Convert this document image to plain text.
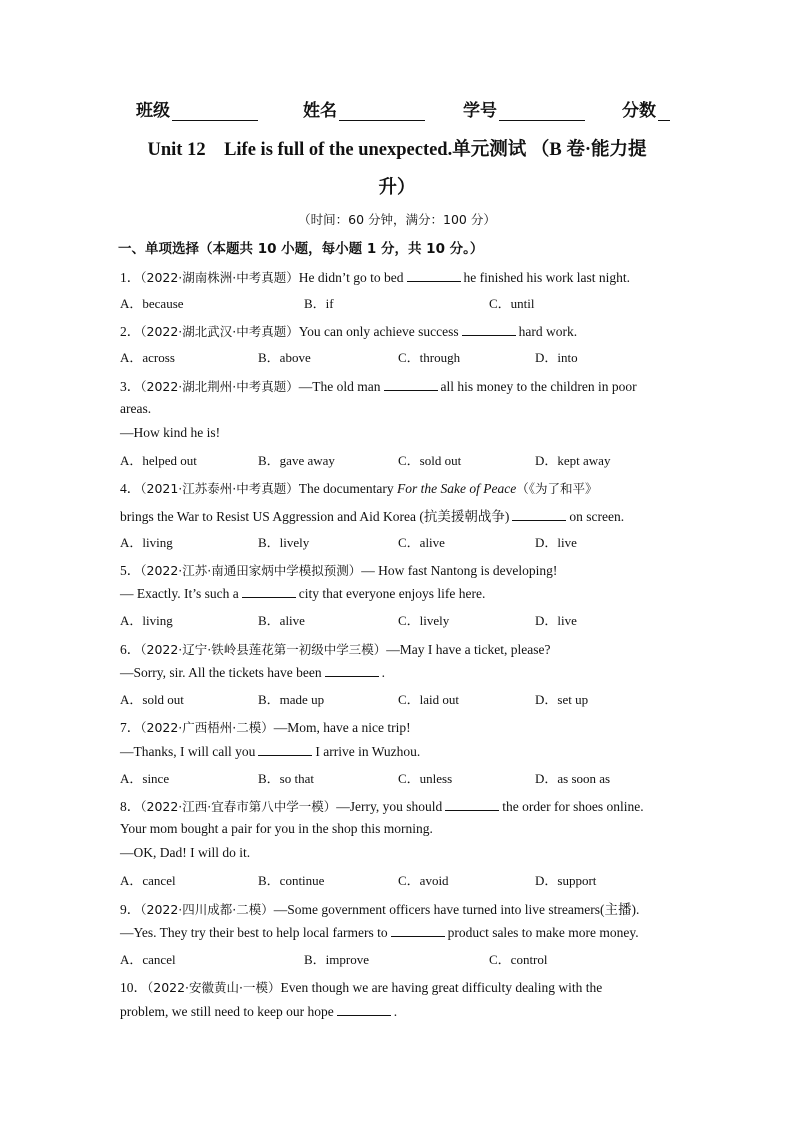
班级	姓名	学号	分数
Unit 12　Life is full of the unexpected.单元测试 （B 卷·能力提
升）
（时间：60 分钟，满分：100 分）
一、单项选择（本题共 10 小题，每小题 1 分，共 10 分。）
1．（2022·湖南株洲·中考真题）He didn’t go to bed	he finished his work last night.
A．because	B．if	C．until
2．（2022·湖北武汉·中考真题）You can only achieve success	hard work.
A．across	B．above	C．through	D．into
3．（2022·湖北荆州·中考真题）—The old man	all his money to the children in poor
areas.
—How kind he is!
A．helped out	B．gave away	C．sold out	D．kept away
4．（2021·江苏泰州·中考真题）The documentary For the Sake of Peace（《为了和平》
brings the War to Resist US Aggression and Aid Korea (抗美援朝战争)	on screen.
A．living	B．lively	C．alive	D．live
5．（2022·江苏·南通田家炳中学模拟预测）— How fast Nantong is developing!
— Exactly. It’s such a	city that everyone enjoys life here.
A．living	B．alive	C．lively	D．live
6．（2022·辽宁·铁岭县莲花第一初级中学三模）—May I have a ticket, please?
—Sorry, sir. All the tickets have been	.
A．sold out	B．made up	C．laid out	D．set up
7．（2022·广西梧州·二模）—Mom, have a nice trip!
—Thanks, I will call you	I arrive in Wuzhou.
A．since	B．so that	C．unless	D．as soon as
8．（2022·江西·宜春市第八中学一模）—Jerry, you should	the order for shoes online.
Your mom bought a pair for you in the shop this morning.
—OK, Dad! I will do it.
A．cancel	B．continue	C．avoid	D．support
9．（2022·四川成都·二模）—Some government officers have turned into live streamers(主播).
—Yes. They try their best to help local farmers to	product sales to make more money.
A．cancel	B．improve	C．control
10．（2022·安徽黄山·一模）Even though we are having great difficulty dealing with the
problem, we still need to keep our hope	.
